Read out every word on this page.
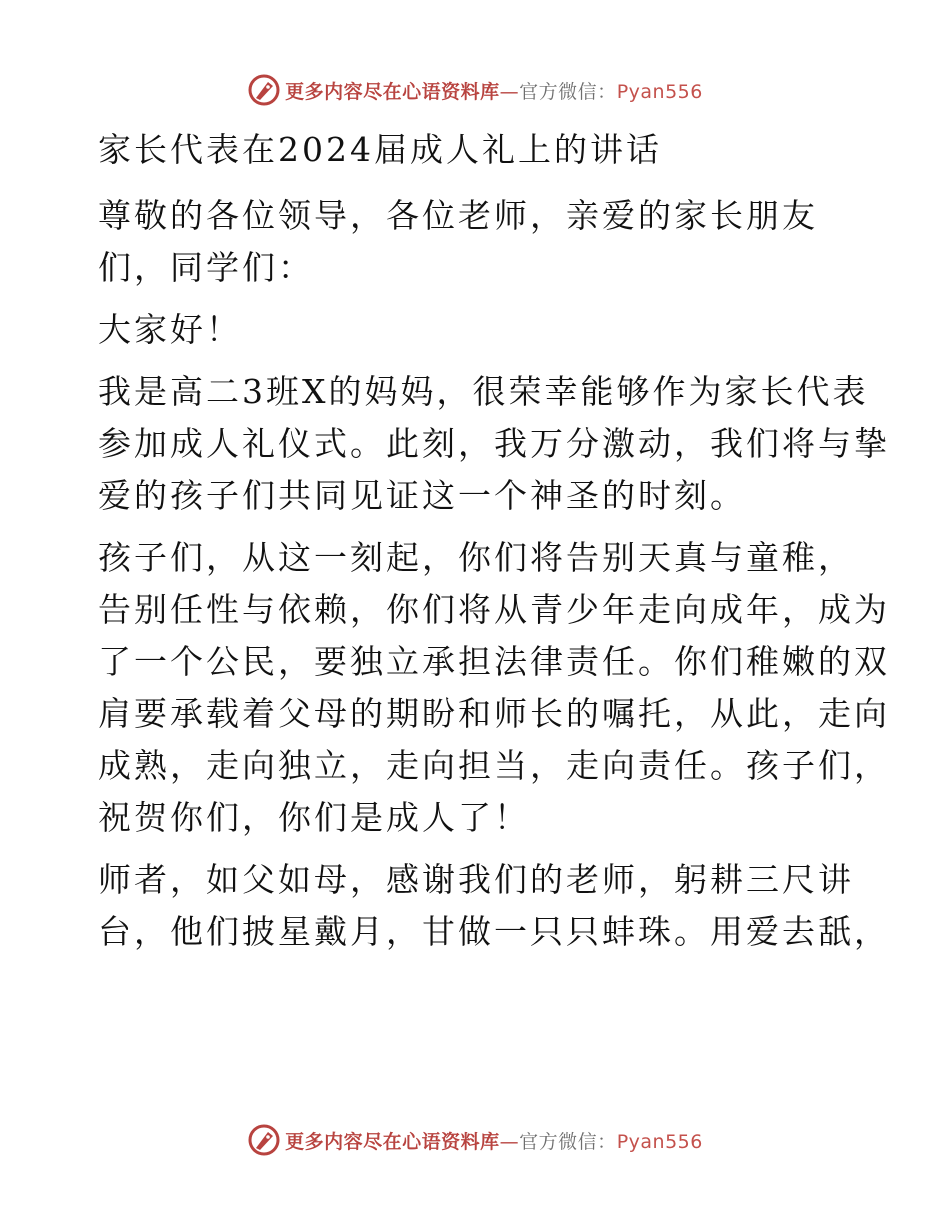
更多内容尽在心语资料库—官方微信：Pyan556
家长代表在2024届成人礼上的讲话
尊敬的各位领导，各位老师，亲爱的家长朋友
们，同学们：
大家好！
我是高二3班X的妈妈，很荣幸能够作为家长代表
参加成人礼仪式。此刻，我万分激动，我们将与挚
爱的孩子们共同见证这一个神圣的时刻。
孩子们，从这一刻起，你们将告别天真与童稚，
告别任性与依赖，你们将从青少年走向成年，成为
了一个公民，要独立承担法律责任。你们稚嫩的双
肩要承载着父母的期盼和师长的嘱托，从此，走向
成熟，走向独立，走向担当，走向责任。孩子们，
祝贺你们，你们是成人了！
师者，如父如母，感谢我们的老师，躬耕三尺讲
台，他们披星戴月，甘做一只只蚌珠。用爱去舐，
更多内容尽在心语资料库—官方微信：Pyan556
